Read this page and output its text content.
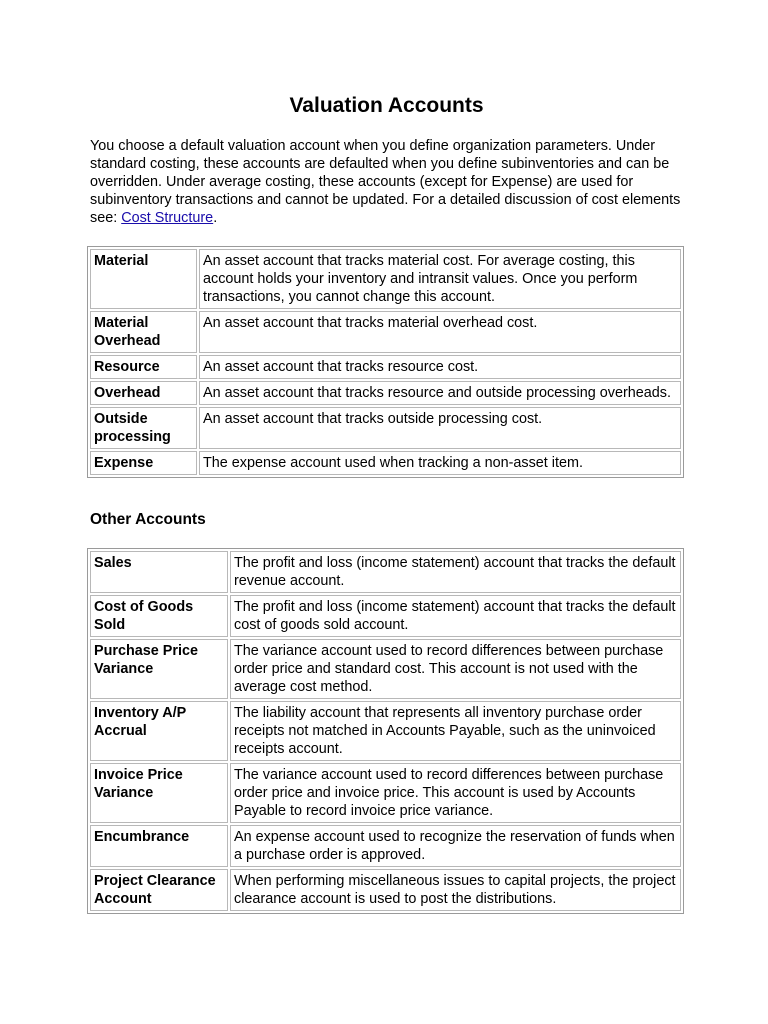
Valuation Accounts

You choose a default valuation account when you define organization parameters. Under standard costing, these accounts are defaulted when you define subinventories and can be overridden. Under average costing, these accounts (except for Expense) are used for subinventory transactions and cannot be updated. For a detailed discussion of cost elements see: Cost Structure.

Material	An asset account that tracks material cost. For average costing, this account holds your inventory and intransit values. Once you perform transactions, you cannot change this account.
Material Overhead	An asset account that tracks material overhead cost.
Resource	An asset account that tracks resource cost.
Overhead	An asset account that tracks resource and outside processing overheads.
Outside processing	An asset account that tracks outside processing cost.
Expense	The expense account used when tracking a non-asset item.
Other Accounts
Sales	The profit and loss (income statement) account that tracks the default revenue account.
Cost of Goods Sold	The profit and loss (income statement) account that tracks the default cost of goods sold account.
Purchase Price Variance	The variance account used to record differences between purchase order price and standard cost. This account is not used with the average cost method.
Inventory A/P Accrual	The liability account that represents all inventory purchase order receipts not matched in Accounts Payable, such as the uninvoiced receipts account.
Invoice Price Variance	The variance account used to record differences between purchase order price and invoice price. This account is used by Accounts Payable to record invoice price variance.
Encumbrance	An expense account used to recognize the reservation of funds when a purchase order is approved.
Project Clearance Account	When performing miscellaneous issues to capital projects, the project clearance account is used to post the distributions.
